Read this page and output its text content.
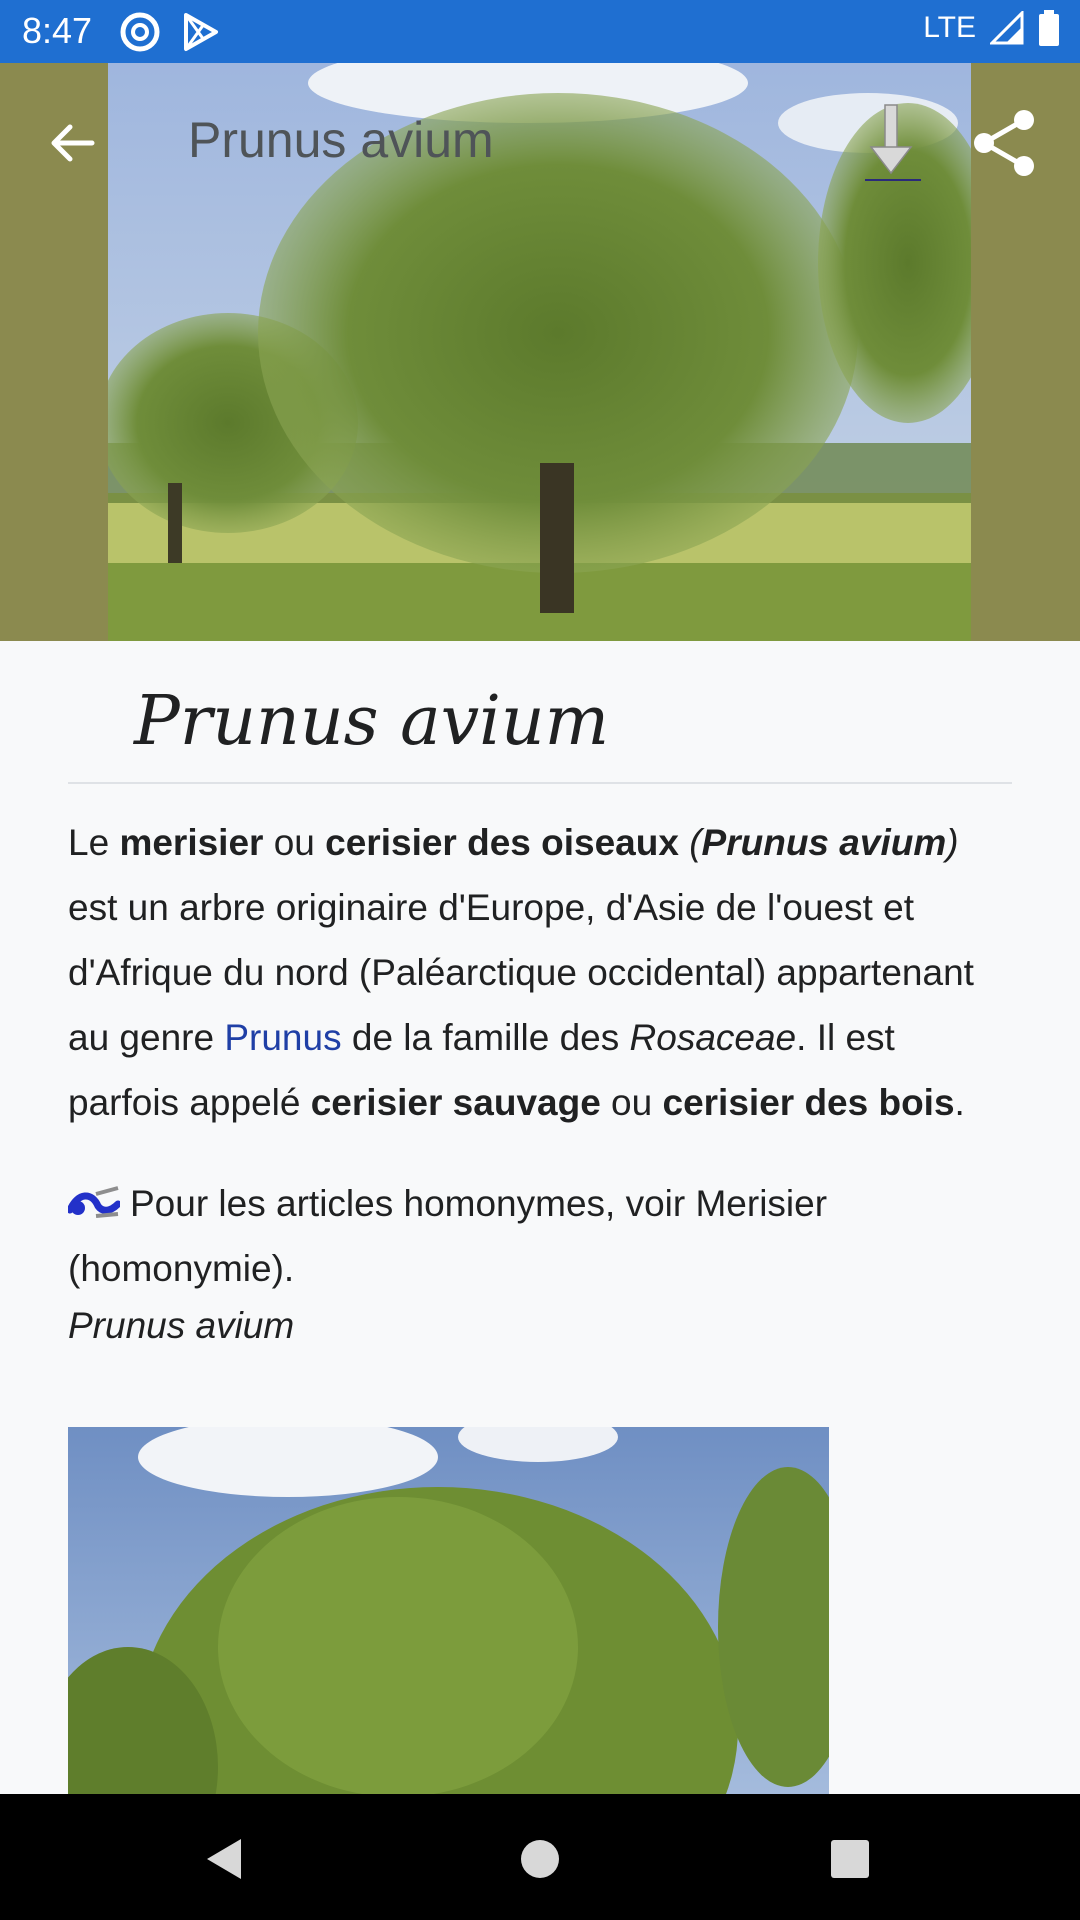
8:47	LTE
Prunus avium
Prunus avium
Le merisier ou cerisier des oiseaux (Prunus avium) est un arbre originaire d'Europe, d'Asie de l'ouest et d'Afrique du nord (Paléarctique occidental) appartenant au genre Prunus de la famille des Rosaceae. Il est parfois appelé cerisier sauvage ou cerisier des bois.
Pour les articles homonymes, voir Merisier (homonymie).
Prunus avium
